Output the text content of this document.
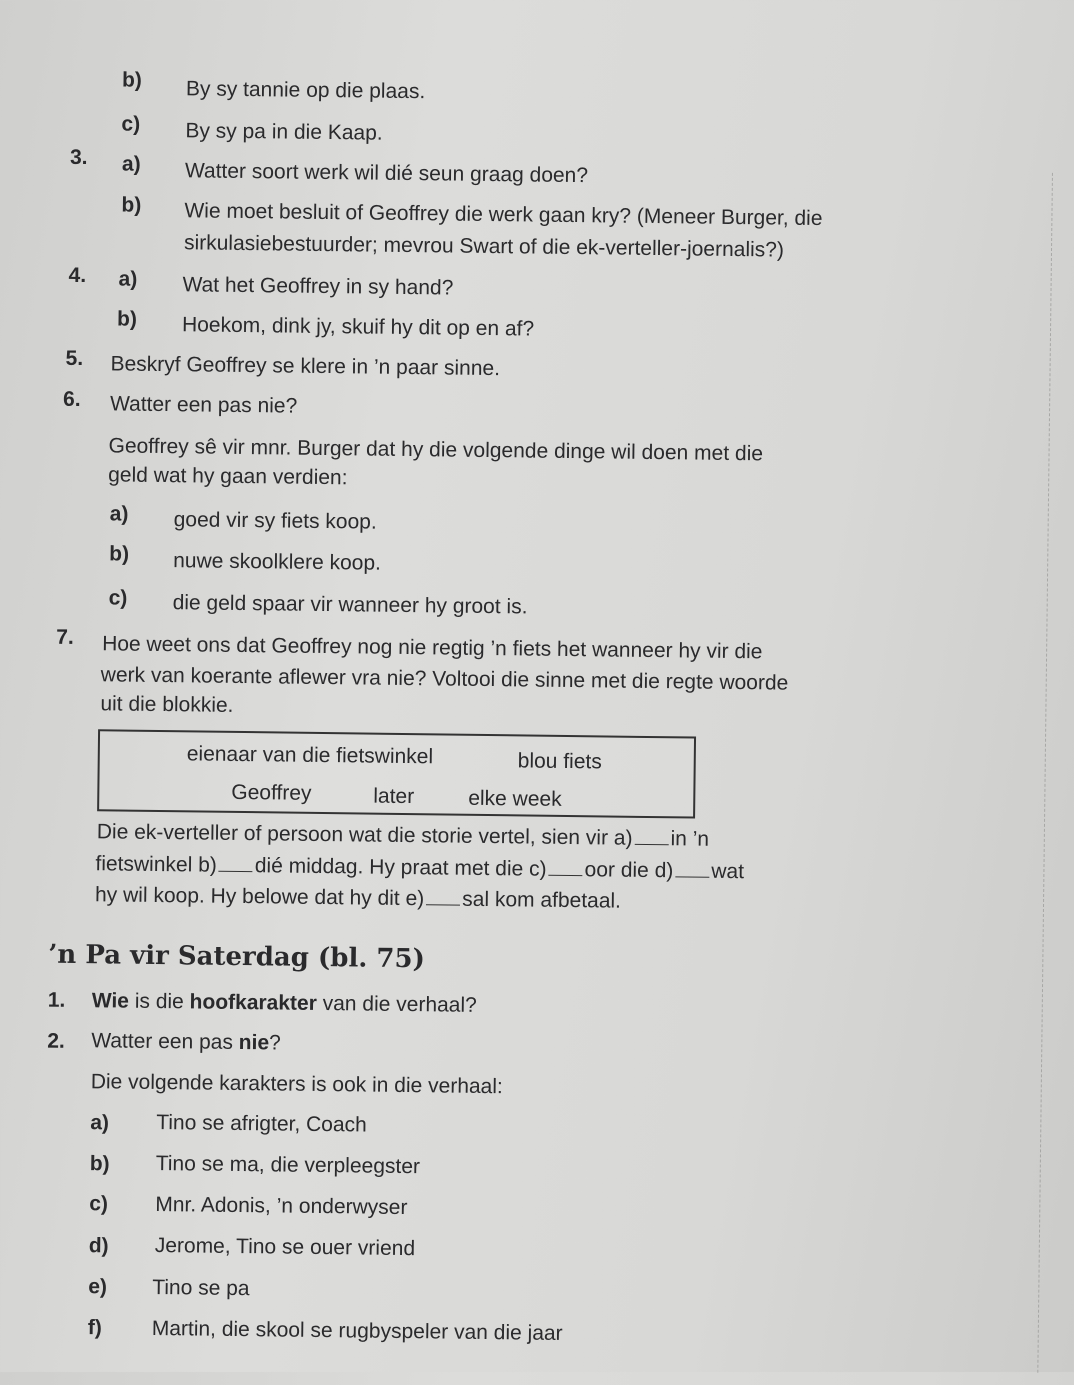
b) By sy tannie op die plaas.
c) By sy pa in die Kaap.
3. a) Watter soort werk wil dié seun graag doen?
b) Wie moet besluit of Geoffrey die werk gaan kry? (Meneer Burger, die
sirkulasiebestuurder; mevrou Swart of die ek-verteller-joernalis?)
4. a) Wat het Geoffrey in sy hand?
b) Hoekom, dink jy, skuif hy dit op en af?
5. Beskryf Geoffrey se klere in ’n paar sinne.
6. Watter een pas nie?
Geoffrey sê vir mnr. Burger dat hy die volgende dinge wil doen met die
geld wat hy gaan verdien:
a) goed vir sy fiets koop.
b) nuwe skoolklere koop.
c) die geld spaar vir wanneer hy groot is.
7. Hoe weet ons dat Geoffrey nog nie regtig ’n fiets het wanneer hy vir die
werk van koerante aflewer vra nie? Voltooi die sinne met die regte woorde
uit die blokkie.
eienaar van die fietswinkel	blou fiets
Geoffrey	later	elke week
Die ek-verteller of persoon wat die storie vertel, sien vir a) in ’n
fietswinkel b) dié middag. Hy praat met die c) oor die d) wat
hy wil koop. Hy belowe dat hy dit e) sal kom afbetaal.
’n Pa vir Saterdag (bl. 75)
1. Wie is die hoofkarakter van die verhaal?
2. Watter een pas nie?
Die volgende karakters is ook in die verhaal:
a) Tino se afrigter, Coach
b) Tino se ma, die verpleegster
c) Mnr. Adonis, ’n onderwyser
d) Jerome, Tino se ouer vriend
e) Tino se pa
f) Martin, die skool se rugbyspeler van die jaar
